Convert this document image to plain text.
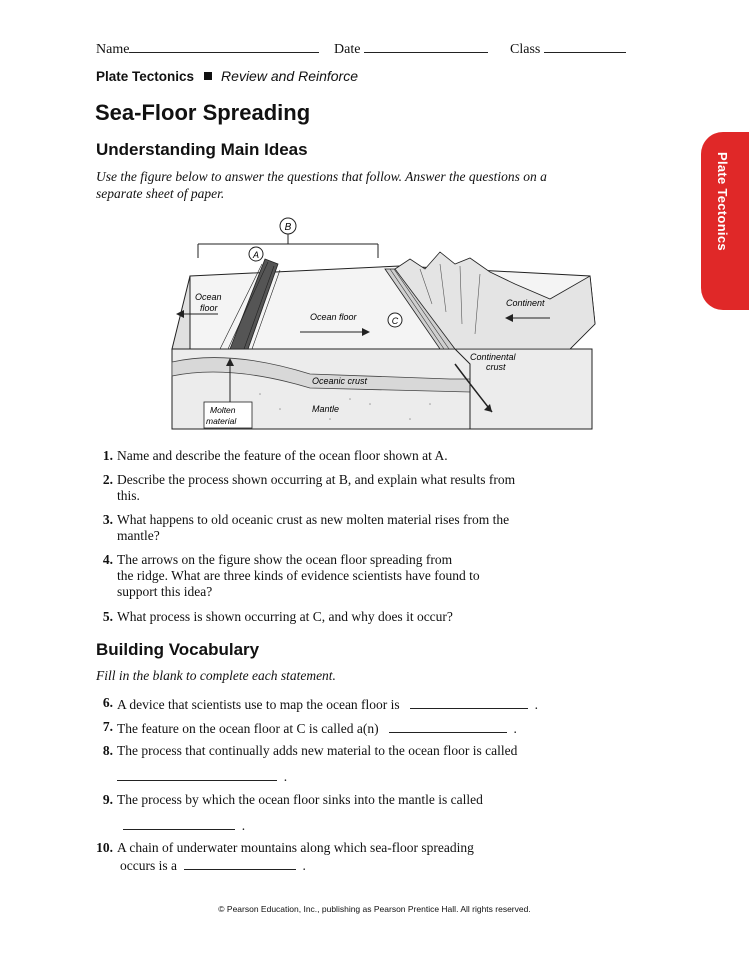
Name	Date	Class
Plate Tectonics Review and Reinforce
Sea-Floor Spreading
Plate Tectonics
Understanding Main Ideas
Use the figure below to answer the questions that follow. Answer the questions on a separate sheet of paper.
B
A
C
Ocean
floor
Ocean floor
Continent
Continental
crust
Oceanic crust
Mantle
Molten
material
1. Name and describe the feature of the ocean floor shown at A.
2. Describe the process shown occurring at B, and explain what results from
this.
3. What happens to old oceanic crust as new molten material rises from the
mantle?
4. The arrows on the figure show the ocean floor spreading from
the ridge. What are three kinds of evidence scientists have found to
support this idea?
5. What process is shown occurring at C, and why does it occur?
Building Vocabulary
Fill in the blank to complete each statement.
6. A device that scientists use to map the ocean floor is	.
7. The feature on the ocean floor at C is called a(n)	.
8. The process that continually adds new material to the ocean floor is called
.
9. The process by which the ocean floor sinks into the mantle is called
.
10. A chain of underwater mountains along which sea-floor spreading
occurs is a	.
© Pearson Education, Inc., publishing as Pearson Prentice Hall. All rights reserved.
